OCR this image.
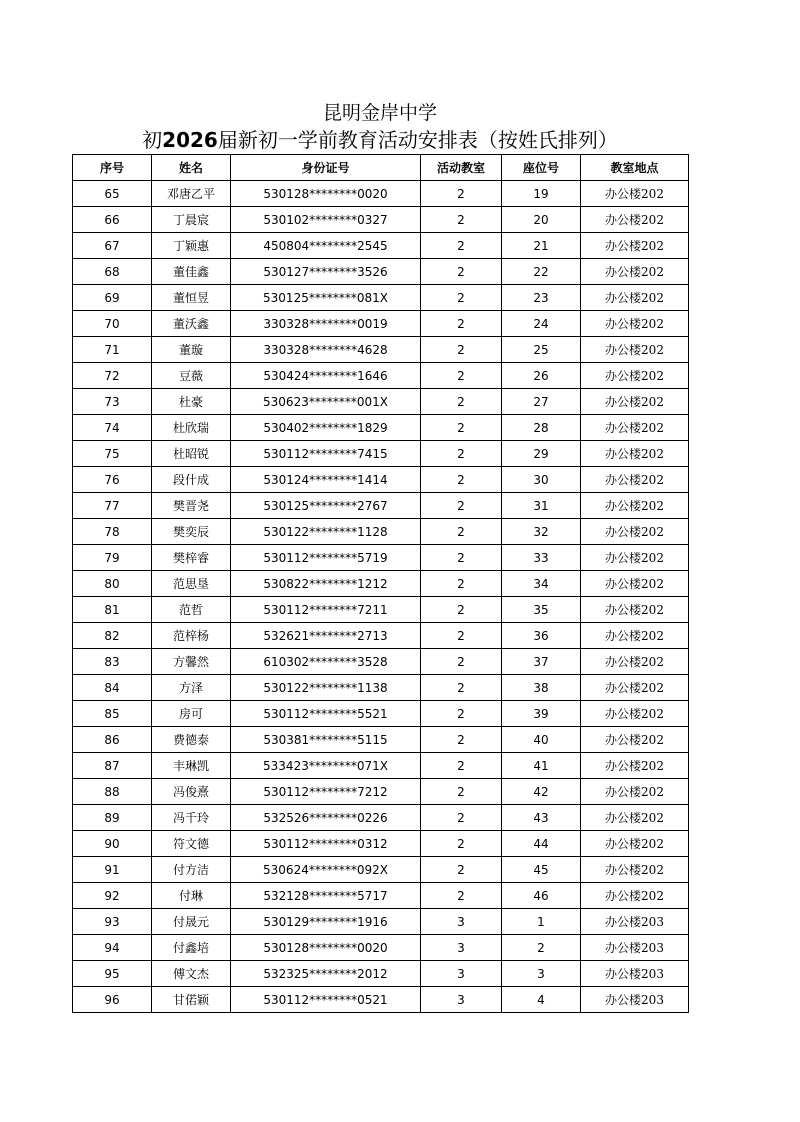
昆明金岸中学
初2026届新初一学前教育活动安排表（按姓氏排列）
序号	姓名	身份证号	活动教室	座位号	教室地点
65	邓唐乙平	530128********0020	2	19	办公楼202
66	丁晨宸	530102********0327	2	20	办公楼202
67	丁颖惠	450804********2545	2	21	办公楼202
68	董佳鑫	530127********3526	2	22	办公楼202
69	董恒昱	530125********081X	2	23	办公楼202
70	董沃鑫	330328********0019	2	24	办公楼202
71	董璇	330328********4628	2	25	办公楼202
72	豆薇	530424********1646	2	26	办公楼202
73	杜豪	530623********001X	2	27	办公楼202
74	杜欣瑞	530402********1829	2	28	办公楼202
75	杜昭锐	530112********7415	2	29	办公楼202
76	段什成	530124********1414	2	30	办公楼202
77	樊晋尧	530125********2767	2	31	办公楼202
78	樊奕辰	530122********1128	2	32	办公楼202
79	樊梓睿	530112********5719	2	33	办公楼202
80	范思垦	530822********1212	2	34	办公楼202
81	范哲	530112********7211	2	35	办公楼202
82	范梓杨	532621********2713	2	36	办公楼202
83	方馨然	610302********3528	2	37	办公楼202
84	方泽	530122********1138	2	38	办公楼202
85	房可	530112********5521	2	39	办公楼202
86	费德泰	530381********5115	2	40	办公楼202
87	丰琳凯	533423********071X	2	41	办公楼202
88	冯俊熹	530112********7212	2	42	办公楼202
89	冯千玲	532526********0226	2	43	办公楼202
90	符文德	530112********0312	2	44	办公楼202
91	付方洁	530624********092X	2	45	办公楼202
92	付琳	532128********5717	2	46	办公楼202
93	付晟元	530129********1916	3	1	办公楼203
94	付鑫培	530128********0020	3	2	办公楼203
95	傅文杰	532325********2012	3	3	办公楼203
96	甘偌颖	530112********0521	3	4	办公楼203
